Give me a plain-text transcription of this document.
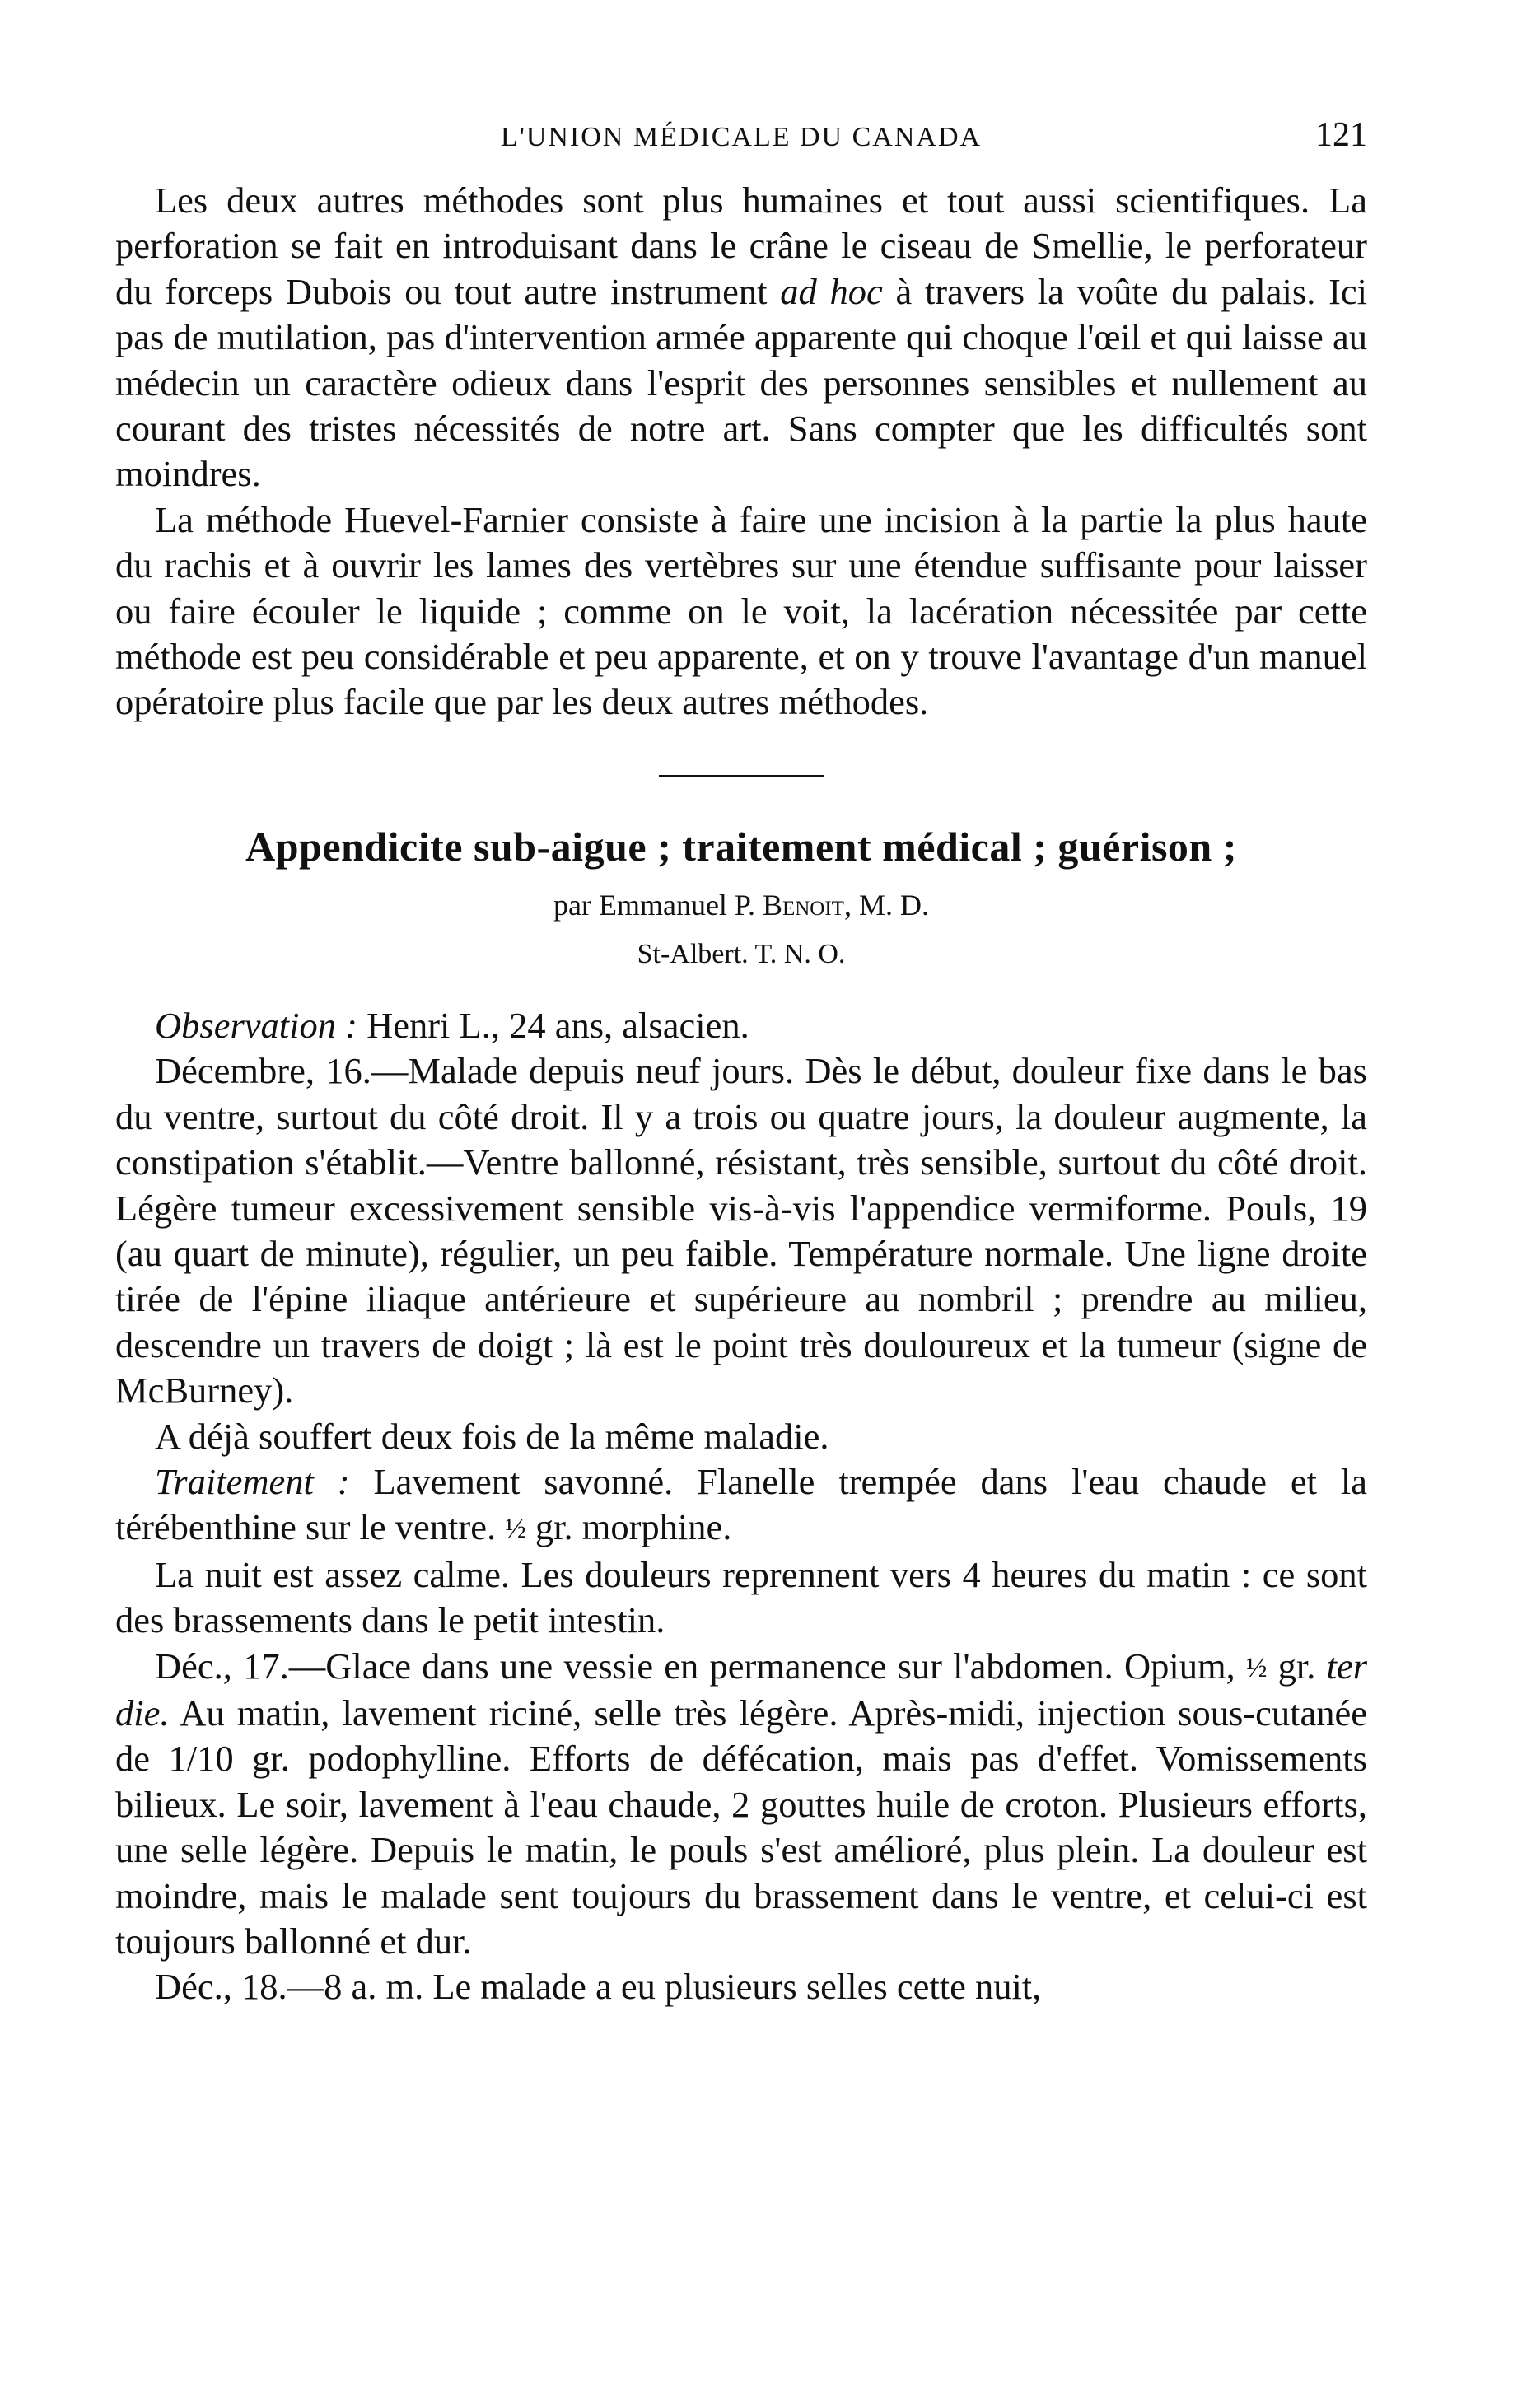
L'UNION MÉDICALE DU CANADA	121

Les deux autres méthodes sont plus humaines et tout aussi scientifiques. La perforation se fait en introduisant dans le crâne le ciseau de Smellie, le perforateur du forceps Dubois ou tout autre instrument ad hoc à travers la voûte du palais. Ici pas de mutilation, pas d'intervention armée apparente qui choque l'œil et qui laisse au médecin un caractère odieux dans l'esprit des personnes sensibles et nullement au courant des tristes nécessités de notre art. Sans compter que les difficultés sont moindres.

La méthode Huevel-Farnier consiste à faire une incision à la partie la plus haute du rachis et à ouvrir les lames des vertèbres sur une étendue suffisante pour laisser ou faire écouler le liquide ; comme on le voit, la lacération nécessitée par cette méthode est peu considérable et peu apparente, et on y trouve l'avantage d'un manuel opératoire plus facile que par les deux autres méthodes.

Appendicite sub-aigue ; traitement médical ; guérison ;
par Emmanuel P. Benoit, M. D.
St-Albert. T. N. O.

Observation : Henri L., 24 ans, alsacien.

Décembre, 16.—Malade depuis neuf jours. Dès le début, douleur fixe dans le bas du ventre, surtout du côté droit. Il y a trois ou quatre jours, la douleur augmente, la constipation s'établit.—Ventre ballonné, résistant, très sensible, surtout du côté droit. Légère tumeur excessivement sensible vis-à-vis l'appendice vermiforme. Pouls, 19 (au quart de minute), régulier, un peu faible. Température normale. Une ligne droite tirée de l'épine iliaque antérieure et supérieure au nombril ; prendre au milieu, descendre un travers de doigt ; là est le point très douloureux et la tumeur (signe de McBurney).

A déjà souffert deux fois de la même maladie.

Traitement : Lavement savonné. Flanelle trempée dans l'eau chaude et la térébenthine sur le ventre. ½ gr. morphine.

La nuit est assez calme. Les douleurs reprennent vers 4 heures du matin : ce sont des brassements dans le petit intestin.

Déc., 17.—Glace dans une vessie en permanence sur l'abdomen. Opium, ½ gr. ter die. Au matin, lavement riciné, selle très légère. Après-midi, injection sous-cutanée de 1/10 gr. podophylline. Efforts de défécation, mais pas d'effet. Vomissements bilieux. Le soir, lavement à l'eau chaude, 2 gouttes huile de croton. Plusieurs efforts, une selle légère. Depuis le matin, le pouls s'est amélioré, plus plein. La douleur est moindre, mais le malade sent toujours du brassement dans le ventre, et celui-ci est toujours ballonné et dur.

Déc., 18.—8 a. m. Le malade a eu plusieurs selles cette nuit,
